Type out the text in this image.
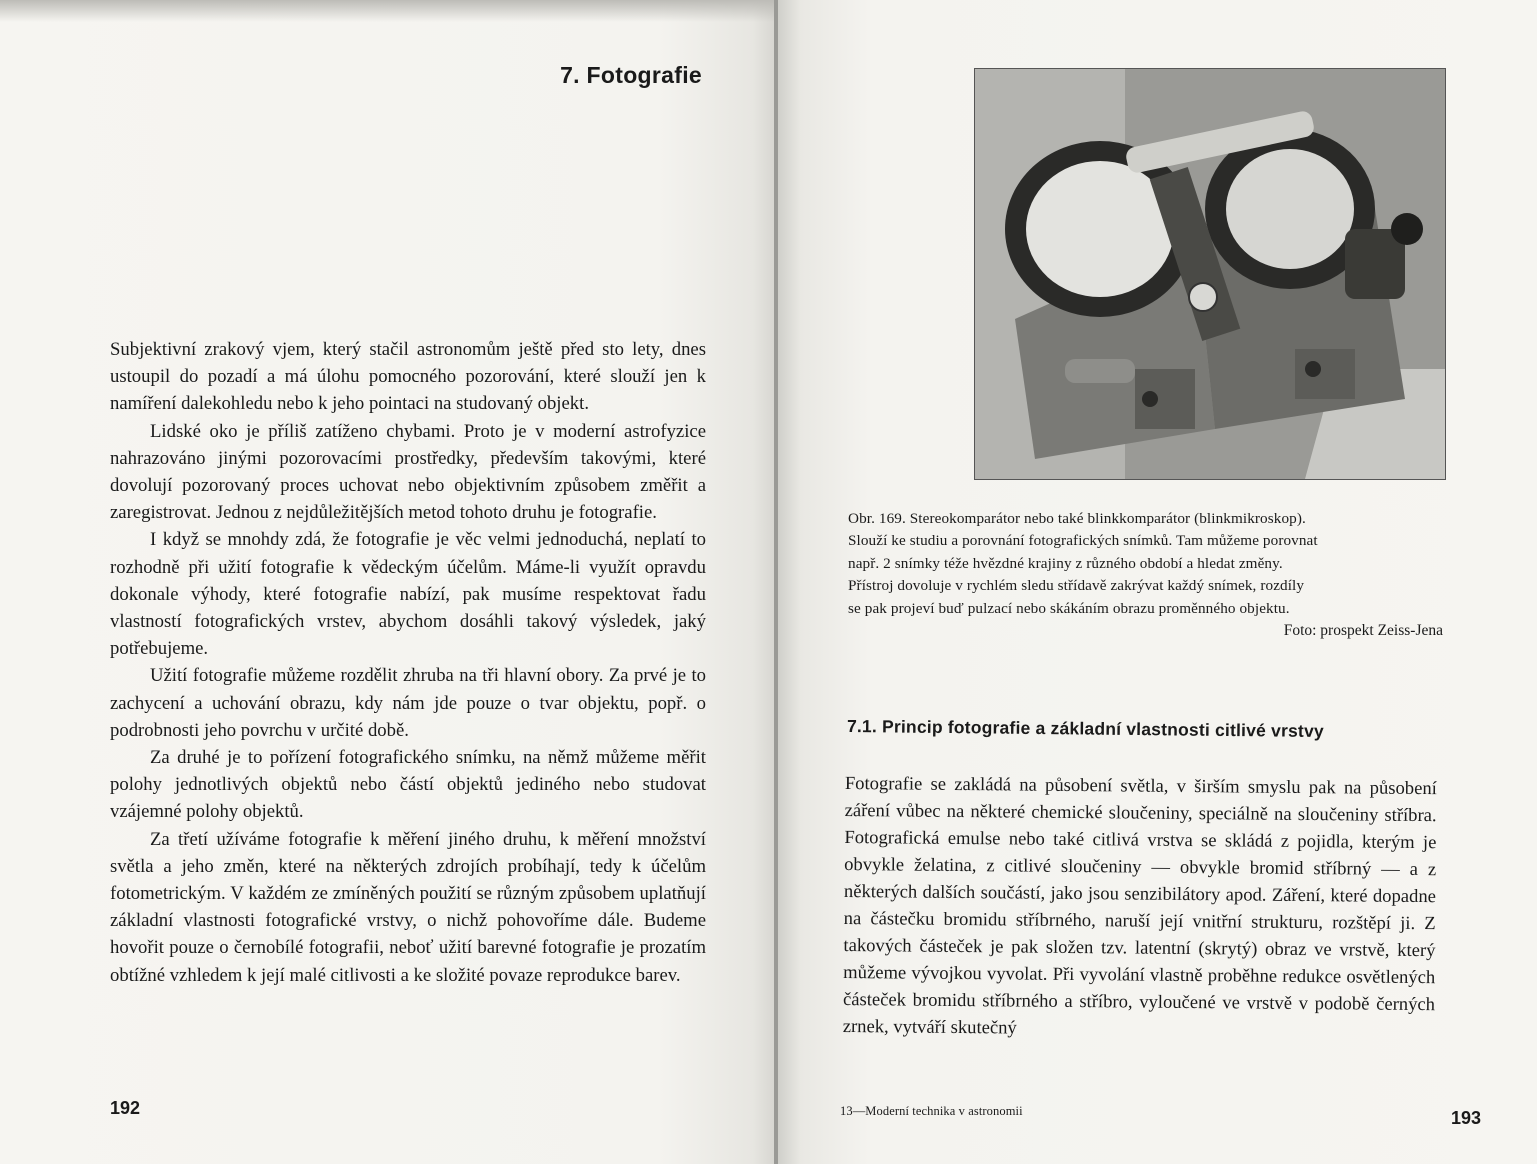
7. Fotografie

Subjektivní zrakový vjem, který stačil astronomům ještě před sto lety, dnes ustoupil do pozadí a má úlohu pomocného pozorování, které slouží jen k namíření dalekohledu nebo k jeho pointaci na studovaný objekt.

Lidské oko je příliš zatíženo chybami. Proto je v moderní astrofyzice nahrazováno jinými pozorovacími prostředky, především takovými, které dovolují pozorovaný proces uchovat nebo objektivním způsobem změřit a zaregistrovat. Jednou z nejdůležitějších metod tohoto druhu je fotografie.

I když se mnohdy zdá, že fotografie je věc velmi jednoduchá, neplatí to rozhodně při užití fotografie k vědeckým účelům. Máme-li využít opravdu dokonale výhody, které fotografie nabízí, pak musíme respektovat řadu vlastností fotografických vrstev, abychom dosáhli takový výsledek, jaký potřebujeme.

Užití fotografie můžeme rozdělit zhruba na tři hlavní obory. Za prvé je to zachycení a uchování obrazu, kdy nám jde pouze o tvar objektu, popř. o podrobnosti jeho povrchu v určité době.

Za druhé je to pořízení fotografického snímku, na němž můžeme měřit polohy jednotlivých objektů nebo částí objektů jediného nebo studovat vzájemné polohy objektů.

Za třetí užíváme fotografie k měření jiného druhu, k měření množství světla a jeho změn, které na některých zdrojích probíhají, tedy k účelům fotometrickým. V každém ze zmíněných použití se různým způsobem uplatňují základní vlastnosti fotografické vrstvy, o nichž pohovoříme dále. Budeme hovořit pouze o černobílé fotografii, neboť užití barevné fotografie je prozatím obtížné vzhledem k její malé citlivosti a ke složité povaze reprodukce barev.

192

Obr. 169. Stereokomparátor nebo také blinkkomparátor (blinkmikroskop).

Slouží ke studiu a porovnání fotografických snímků. Tam můžeme porovnat

např. 2 snímky téže hvězdné krajiny z různého období a hledat změny.

Přístroj dovoluje v rychlém sledu střídavě zakrývat každý snímek, rozdíly

se pak projeví buď pulzací nebo skákáním obrazu proměnného objektu.

Foto: prospekt Zeiss-Jena

7.1. Princip fotografie a základní vlastnosti citlivé vrstvy

Fotografie se zakládá na působení světla, v širším smyslu pak na působení záření vůbec na některé chemické sloučeniny, speciálně na sloučeniny stříbra. Fotografická emulse nebo také citlivá vrstva se skládá z pojidla, kterým je obvykle želatina, z citlivé sloučeniny — obvykle bromid stříbrný — a z některých dalších součástí, jako jsou senzibilátory apod. Záření, které dopadne na částečku bromidu stříbrného, naruší její vnitřní strukturu, rozštěpí ji. Z takových částeček je pak složen tzv. latentní (skrytý) obraz ve vrstvě, který můžeme vývojkou vyvolat. Při vyvolání vlastně proběhne redukce osvětlených částeček bromidu stříbrného a stříbro, vyloučené ve vrstvě v podobě černých zrnek, vytváří skutečný

13—Moderní technika v astronomii	193
